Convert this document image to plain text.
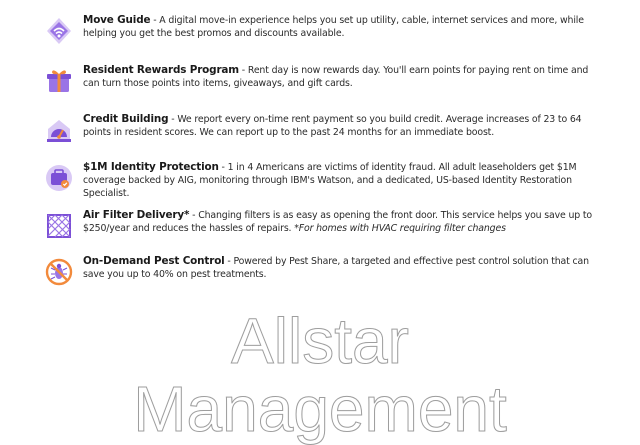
Move Guide - A digital move-in experience helps you set up utility, cable, internet services and more, while helping you get the best promos and discounts available.
Resident Rewards Program - Rent day is now rewards day. You'll earn points for paying rent on time and can turn those points into items, giveaways, and gift cards.
Credit Building - We report every on-time rent payment so you build credit. Average increases of 23 to 64 points in resident scores. We can report up to the past 24 months for an immediate boost.
$1M Identity Protection - 1 in 4 Americans are victims of identity fraud. All adult leaseholders get $1M coverage backed by AIG, monitoring through IBM's Watson, and a dedicated, US-based Identity Restoration Specialist.
Air Filter Delivery* - Changing filters is as easy as opening the front door. This service helps you save up to $250/year and reduces the hassles of repairs. *For homes with HVAC requiring filter changes
On-Demand Pest Control - Powered by Pest Share, a targeted and effective pest control solution that can save you up to 40% on pest treatments.
Allstar
Management
